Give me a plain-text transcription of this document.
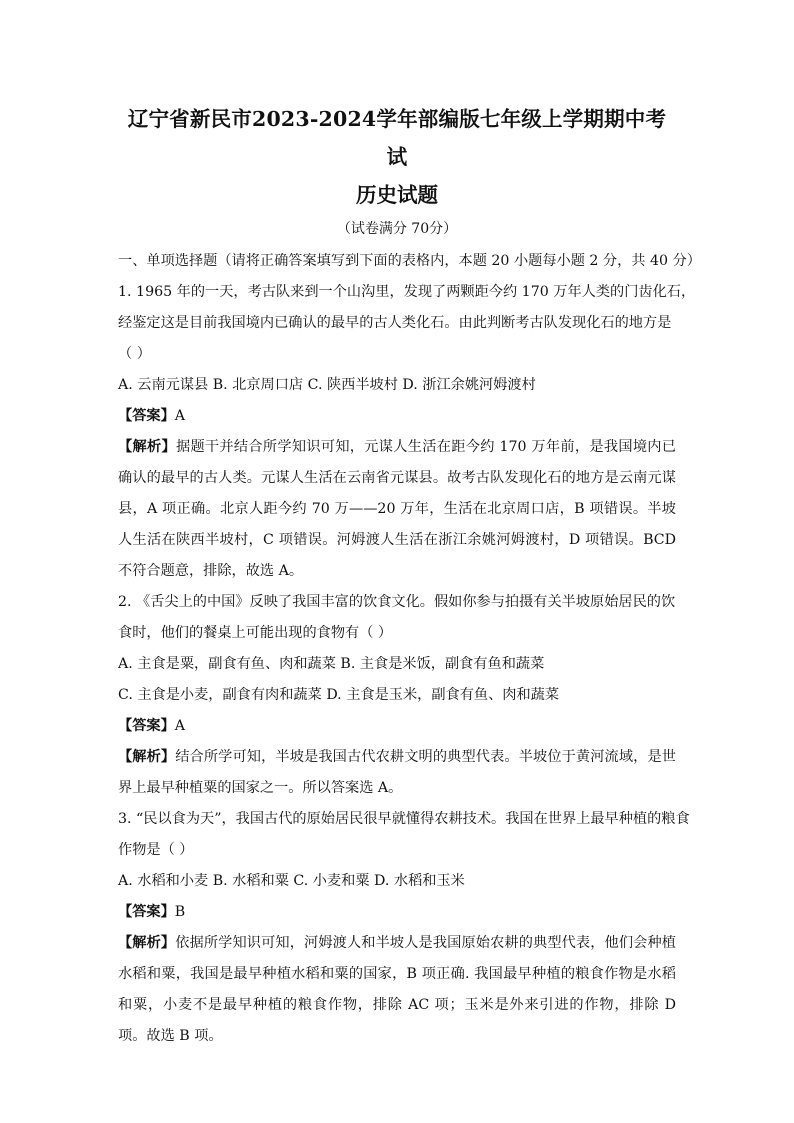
辽宁省新民市2023-2024学年部编版七年级上学期期中考试

历史试题

（试卷满分 70分）

一、单项选择题（请将正确答案填写到下面的表格内，本题 20 小题每小题 2 分，共 40 分）

1. 1965 年的一天，考古队来到一个山沟里，发现了两颗距今约 170 万年人类的门齿化石，

经鉴定这是目前我国境内已确认的最早的古人类化石。由此判断考古队发现化石的地方是

（ ）

A. 云南元谋县 B. 北京周口店 C. 陕西半坡村 D. 浙江余姚河姆渡村

【答案】A

【解析】据题干并结合所学知识可知，元谋人生活在距今约 170 万年前，是我国境内已确认的最早的古人类。元谋人生活在云南省元谋县。故考古队发现化石的地方是云南元谋县，A 项正确。北京人距今约 70 万——20 万年，生活在北京周口店，B 项错误。半坡人生活在陕西半坡村，C 项错误。河姆渡人生活在浙江余姚河姆渡村，D 项错误。BCD 不符合题意，排除，故选 A。

2. 《舌尖上的中国》反映了我国丰富的饮食文化。假如你参与拍摄有关半坡原始居民的饮

食时，他们的餐桌上可能出现的食物有（ ）

A. 主食是粟，副食有鱼、肉和蔬菜 B. 主食是米饭，副食有鱼和蔬菜

C. 主食是小麦，副食有肉和蔬菜 D. 主食是玉米，副食有鱼、肉和蔬菜

【答案】A

【解析】结合所学可知，半坡是我国古代农耕文明的典型代表。半坡位于黄河流域，是世界上最早种植粟的国家之一。所以答案选 A。

3. “民以食为天”，我国古代的原始居民很早就懂得农耕技术。我国在世界上最早种植的粮食

作物是（ ）

A. 水稻和小麦 B. 水稻和粟 C. 小麦和粟 D. 水稻和玉米

【答案】B

【解析】依据所学知识可知，河姆渡人和半坡人是我国原始农耕的典型代表，他们会种植水稻和粟，我国是最早种植水稻和粟的国家，B 项正确. 我国最早种植的粮食作物是水稻和粟，小麦不是最早种植的粮食作物，排除 AC 项；玉米是外来引进的作物，排除 D 项。故选 B 项。
